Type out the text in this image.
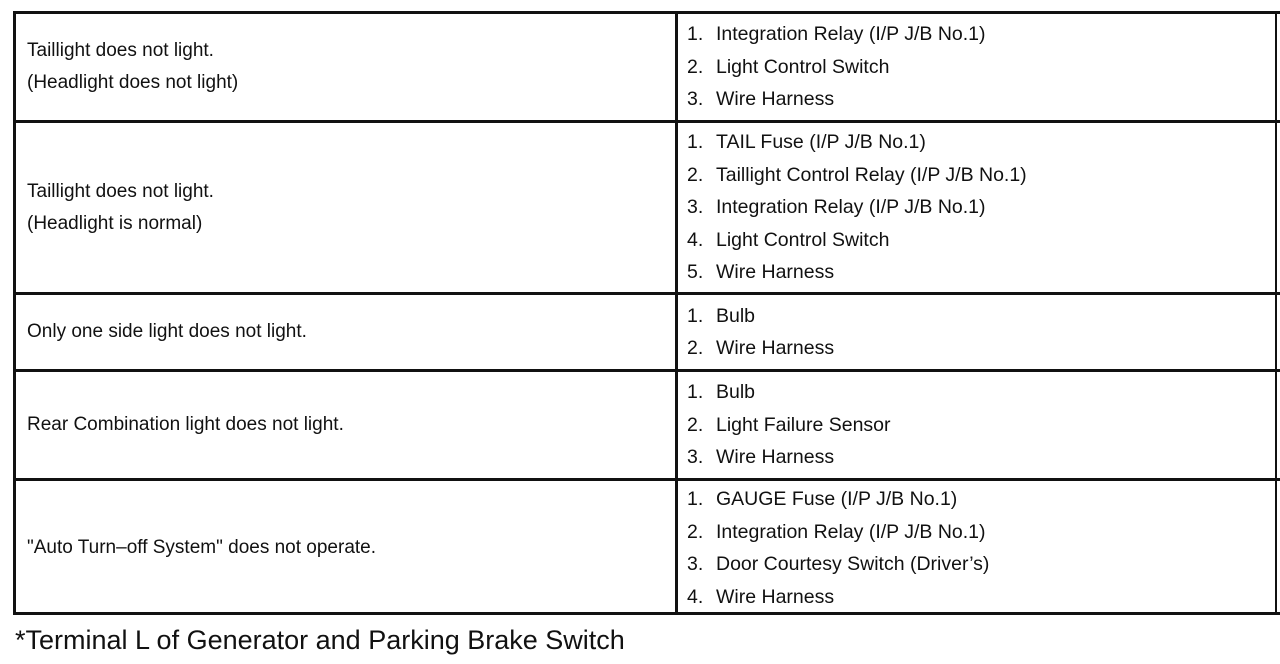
Taillight does not light.
(Headlight does not light)
1. Integration Relay (I/P J/B No.1)
2. Light Control Switch
3. Wire Harness
Taillight does not light.
(Headlight is normal)
1. TAIL Fuse (I/P J/B No.1)
2. Taillight Control Relay (I/P J/B No.1)
3. Integration Relay (I/P J/B No.1)
4. Light Control Switch
5. Wire Harness
Only one side light does not light.
1. Bulb
2. Wire Harness
Rear Combination light does not light.
1. Bulb
2. Light Failure Sensor
3. Wire Harness
"Auto Turn–off System" does not operate.
1. GAUGE Fuse (I/P J/B No.1)
2. Integration Relay (I/P J/B No.1)
3. Door Courtesy Switch (Driver’s)
4. Wire Harness
*Terminal L of Generator and Parking Brake Switch
